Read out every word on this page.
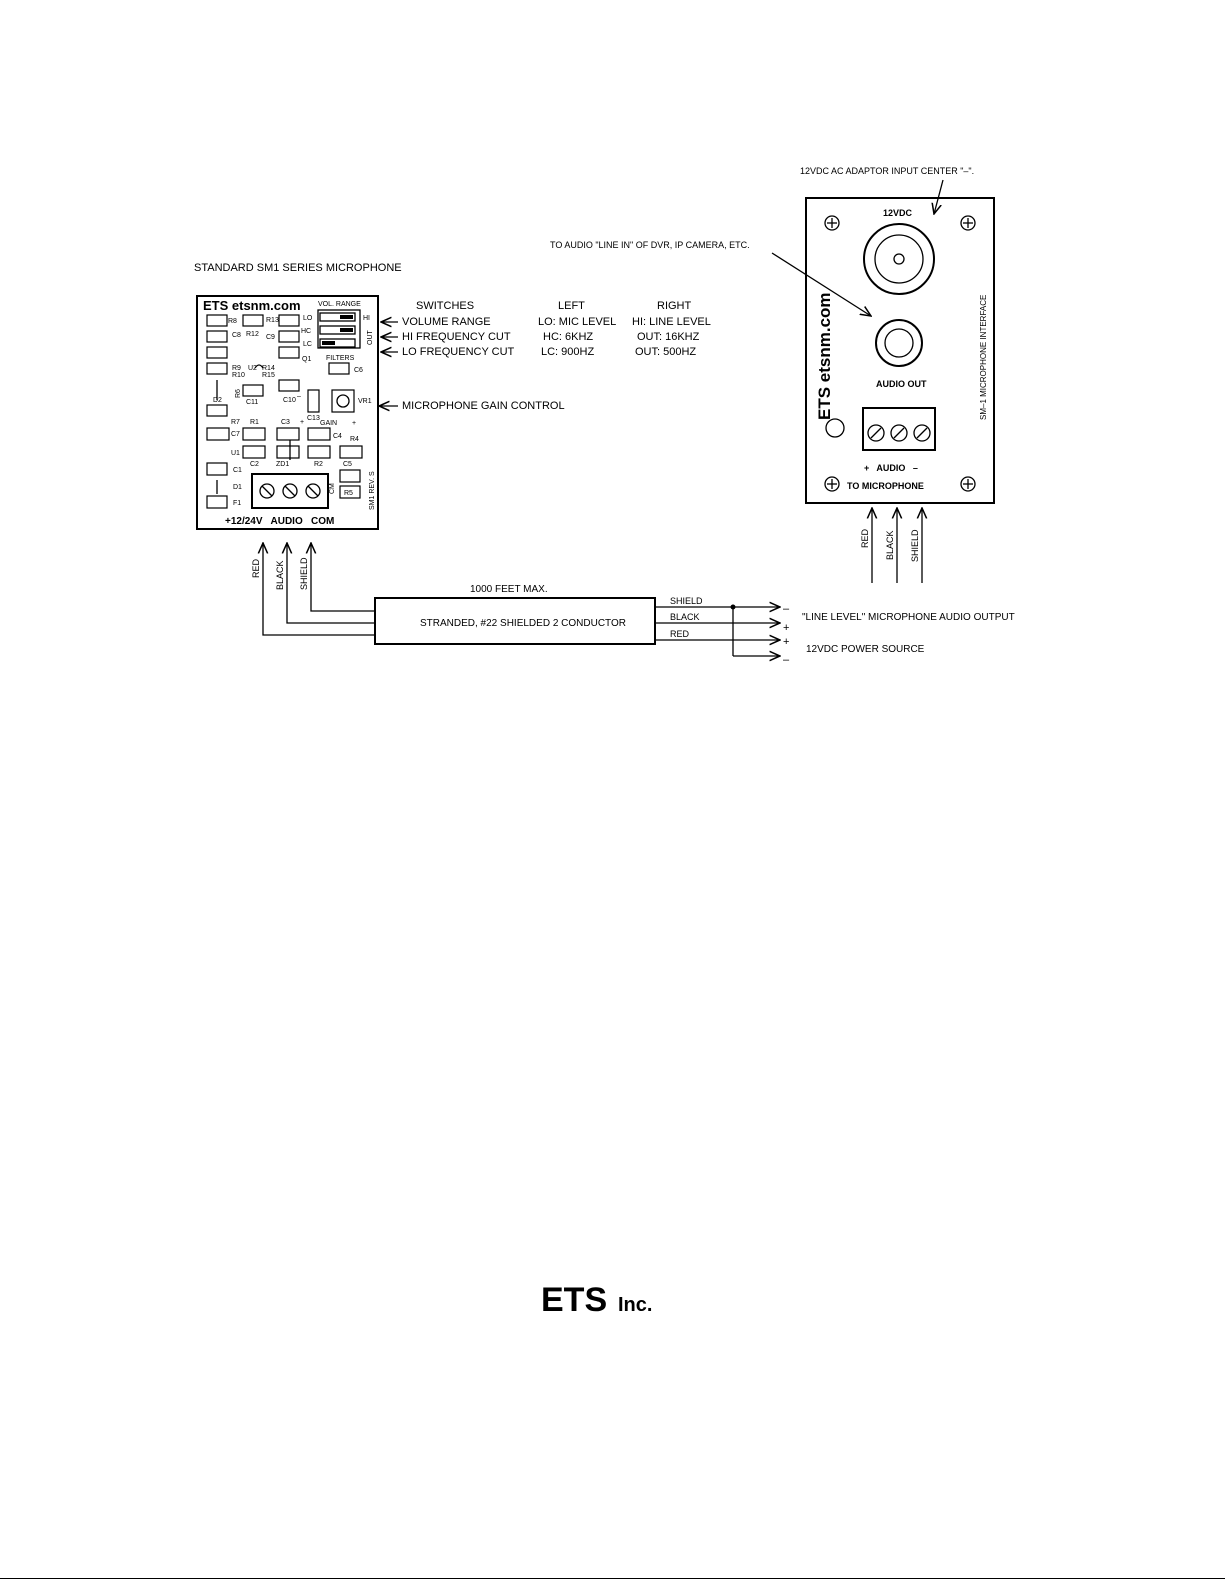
STANDARD SM1 SERIES MICROPHONE
ETS etsnm.com VOL. RANGE
LO	HI
HC
LC	OUT
FILTERS
R8	R13
C8 R12 C9
Q1
R9
R10
U2 R14
R15
D2	C11	C10
C13
VR1
R7 R1	C3
C7	C4 R4
U1
C2 ZD1	R2	C5
C1
D1
F1
CM R5
C6
R6	–
+ GAIN +
SM1 REV. S
+12/24V   AUDIO   COM
SWITCHES	LEFT	RIGHT
VOLUME RANGE	LO: MIC LEVEL HI: LINE LEVEL
HI FREQUENCY CUT	HC: 6KHZ	OUT: 16KHZ
LO FREQUENCY CUT LC: 900HZ	OUT: 500HZ
MICROPHONE GAIN CONTROL
RED BLACK SHIELD	1000 FEET MAX.
STRANDED, #22 SHIELDED 2 CONDUCTOR
SHIELD
BLACK
RED
–
+
+
–
"LINE LEVEL" MICROPHONE AUDIO OUTPUT
12VDC POWER SOURCE
12VDC AC ADAPTOR INPUT CENTER "–".
TO AUDIO "LINE IN" OF DVR, IP CAMERA, ETC.
12VDC
AUDIO OUT
ETS etsnm.com	SM–1 MICROPHONE INTERFACE
+   AUDIO   –
TO MICROPHONE
RED BLACK SHIELD
ETS Inc.
